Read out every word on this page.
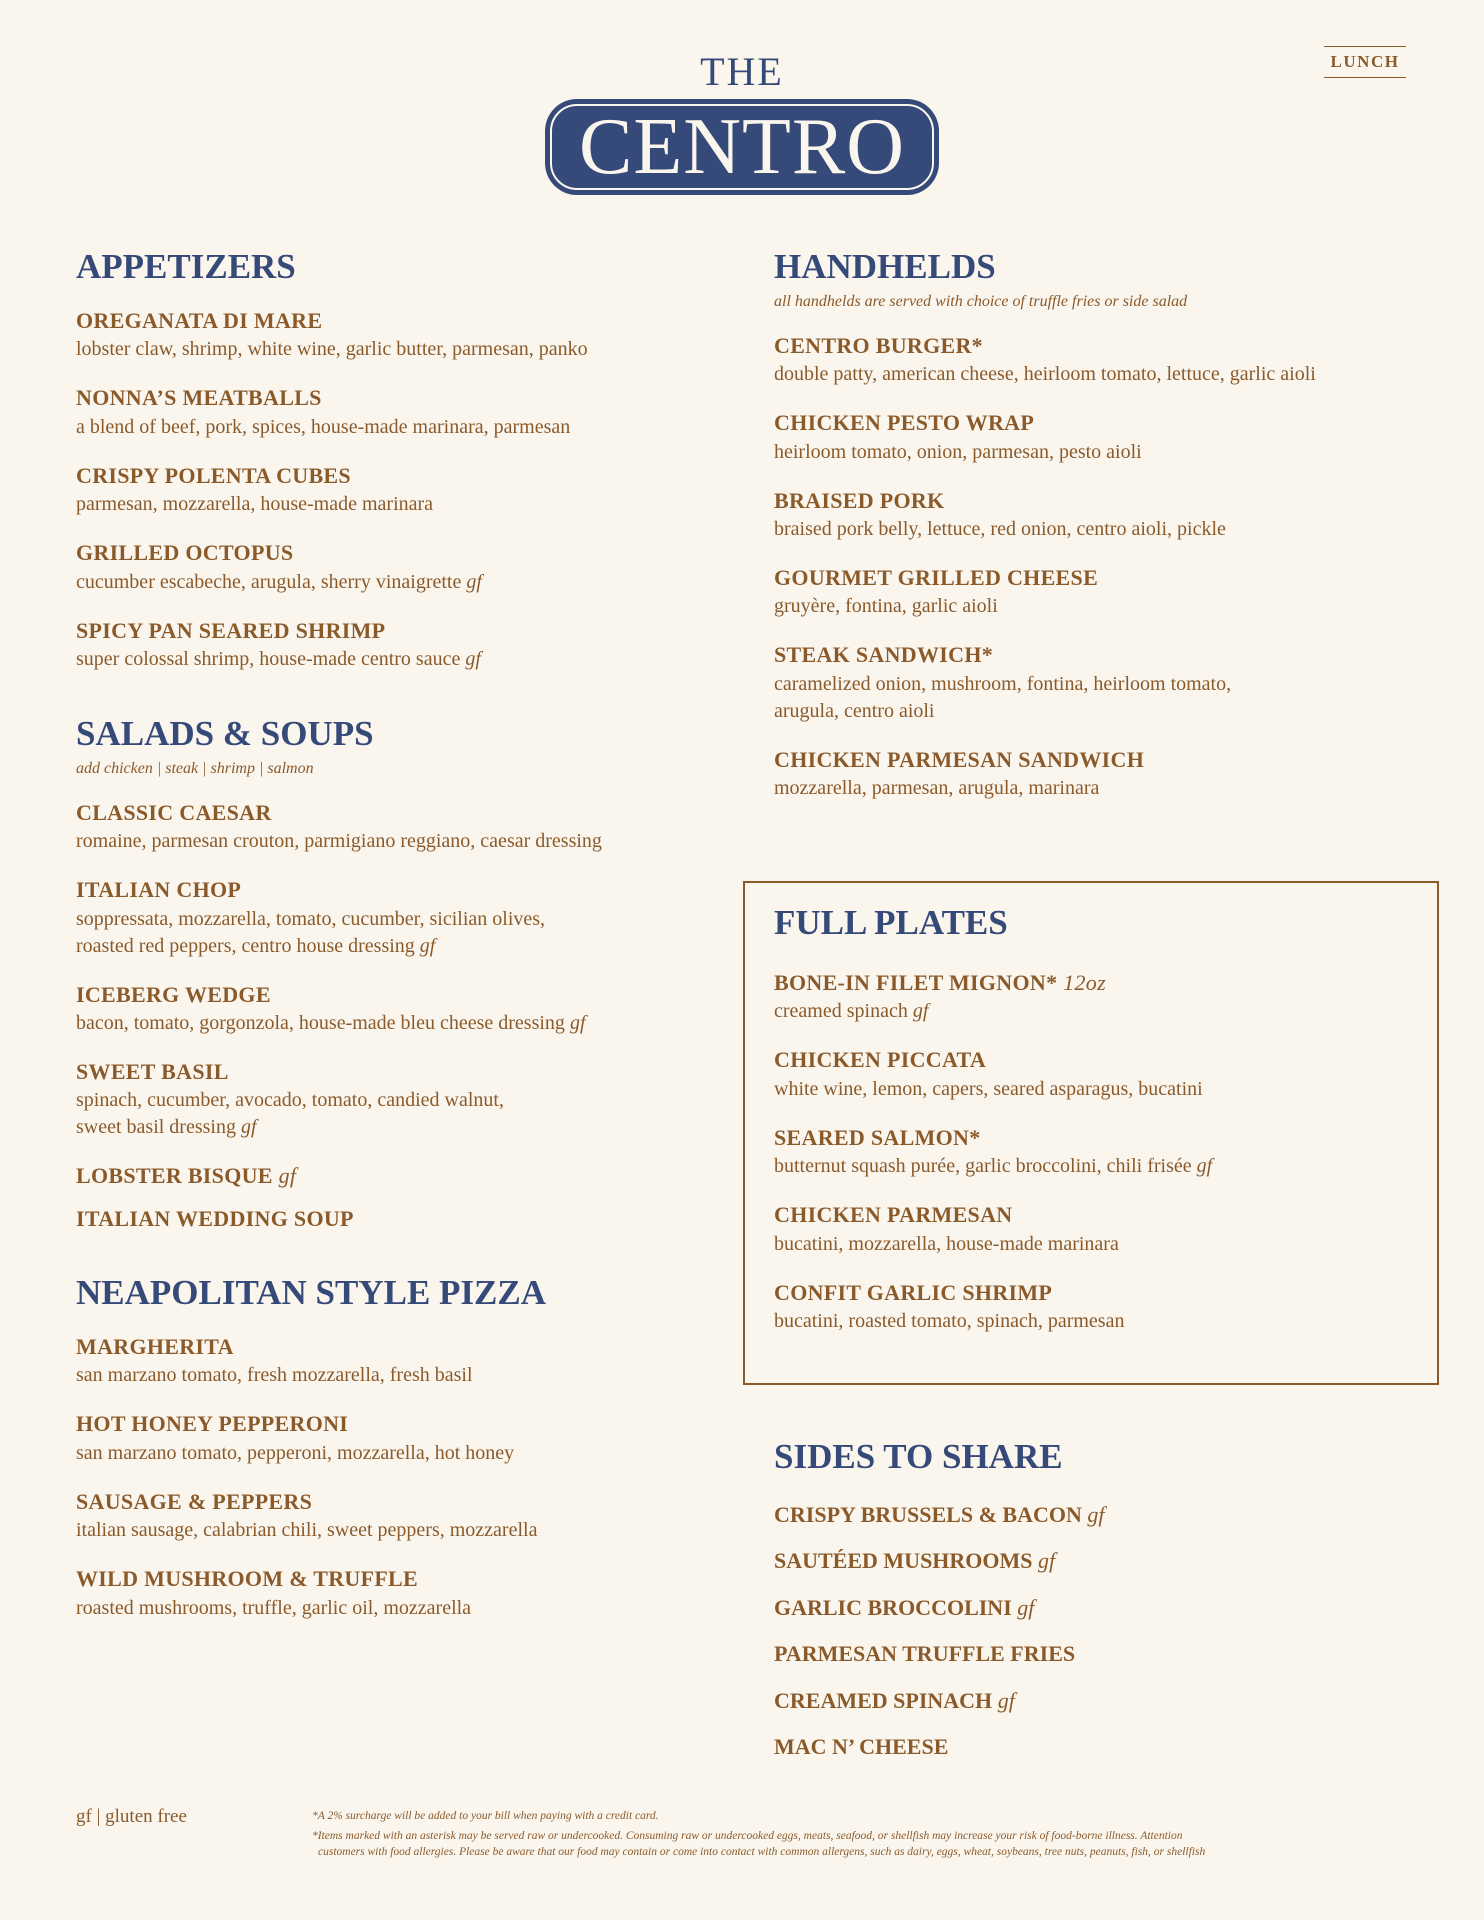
LUNCH
THE
CENTRO
APPETIZERS
OREGANATA DI MARE
lobster claw, shrimp, white wine, garlic butter, parmesan, panko
NONNA’S MEATBALLS
a blend of beef, pork, spices, house-made marinara, parmesan
CRISPY POLENTA CUBES
parmesan, mozzarella, house-made marinara
GRILLED OCTOPUS
cucumber escabeche, arugula, sherry vinaigrette gf
SPICY PAN SEARED SHRIMP
super colossal shrimp, house-made centro sauce gf
SALADS & SOUPS
add chicken | steak | shrimp | salmon
CLASSIC CAESAR
romaine, parmesan crouton, parmigiano reggiano, caesar dressing
ITALIAN CHOP
soppressata, mozzarella, tomato, cucumber, sicilian olives,
roasted red peppers, centro house dressing gf
ICEBERG WEDGE
bacon, tomato, gorgonzola, house-made bleu cheese dressing gf
SWEET BASIL
spinach, cucumber, avocado, tomato, candied walnut,
sweet basil dressing gf
LOBSTER BISQUE gf
ITALIAN WEDDING SOUP
NEAPOLITAN STYLE PIZZA
MARGHERITA
san marzano tomato, fresh mozzarella, fresh basil
HOT HONEY PEPPERONI
san marzano tomato, pepperoni, mozzarella, hot honey
SAUSAGE & PEPPERS
italian sausage, calabrian chili, sweet peppers, mozzarella
WILD MUSHROOM & TRUFFLE
roasted mushrooms, truffle, garlic oil, mozzarella
HANDHELDS
all handhelds are served with choice of truffle fries or side salad
CENTRO BURGER*
double patty, american cheese, heirloom tomato, lettuce, garlic aioli
CHICKEN PESTO WRAP
heirloom tomato, onion, parmesan, pesto aioli
BRAISED PORK
braised pork belly, lettuce, red onion, centro aioli, pickle
GOURMET GRILLED CHEESE
gruyère, fontina, garlic aioli
STEAK SANDWICH*
caramelized onion, mushroom, fontina, heirloom tomato,
arugula, centro aioli
CHICKEN PARMESAN SANDWICH
mozzarella, parmesan, arugula, marinara
FULL PLATES
BONE-IN FILET MIGNON* 12oz
creamed spinach gf
CHICKEN PICCATA
white wine, lemon, capers, seared asparagus, bucatini
SEARED SALMON*
butternut squash purée, garlic broccolini, chili frisée gf
CHICKEN PARMESAN
bucatini, mozzarella, house-made marinara
CONFIT GARLIC SHRIMP
bucatini, roasted tomato, spinach, parmesan
SIDES TO SHARE
CRISPY BRUSSELS & BACON gf
SAUTÉED MUSHROOMS gf
GARLIC BROCCOLINI gf
PARMESAN TRUFFLE FRIES
CREAMED SPINACH gf
MAC N’ CHEESE
gf | gluten free	*A 2% surcharge will be added to your bill when paying with a credit card.
*Items marked with an asterisk may be served raw or undercooked. Consuming raw or undercooked eggs, meats, seafood, or shellfish may increase your risk of food-borne illness. Attention
customers with food allergies. Please be aware that our food may contain or come into contact with common allergens, such as dairy, eggs, wheat, soybeans, tree nuts, peanuts, fish, or shellfish
